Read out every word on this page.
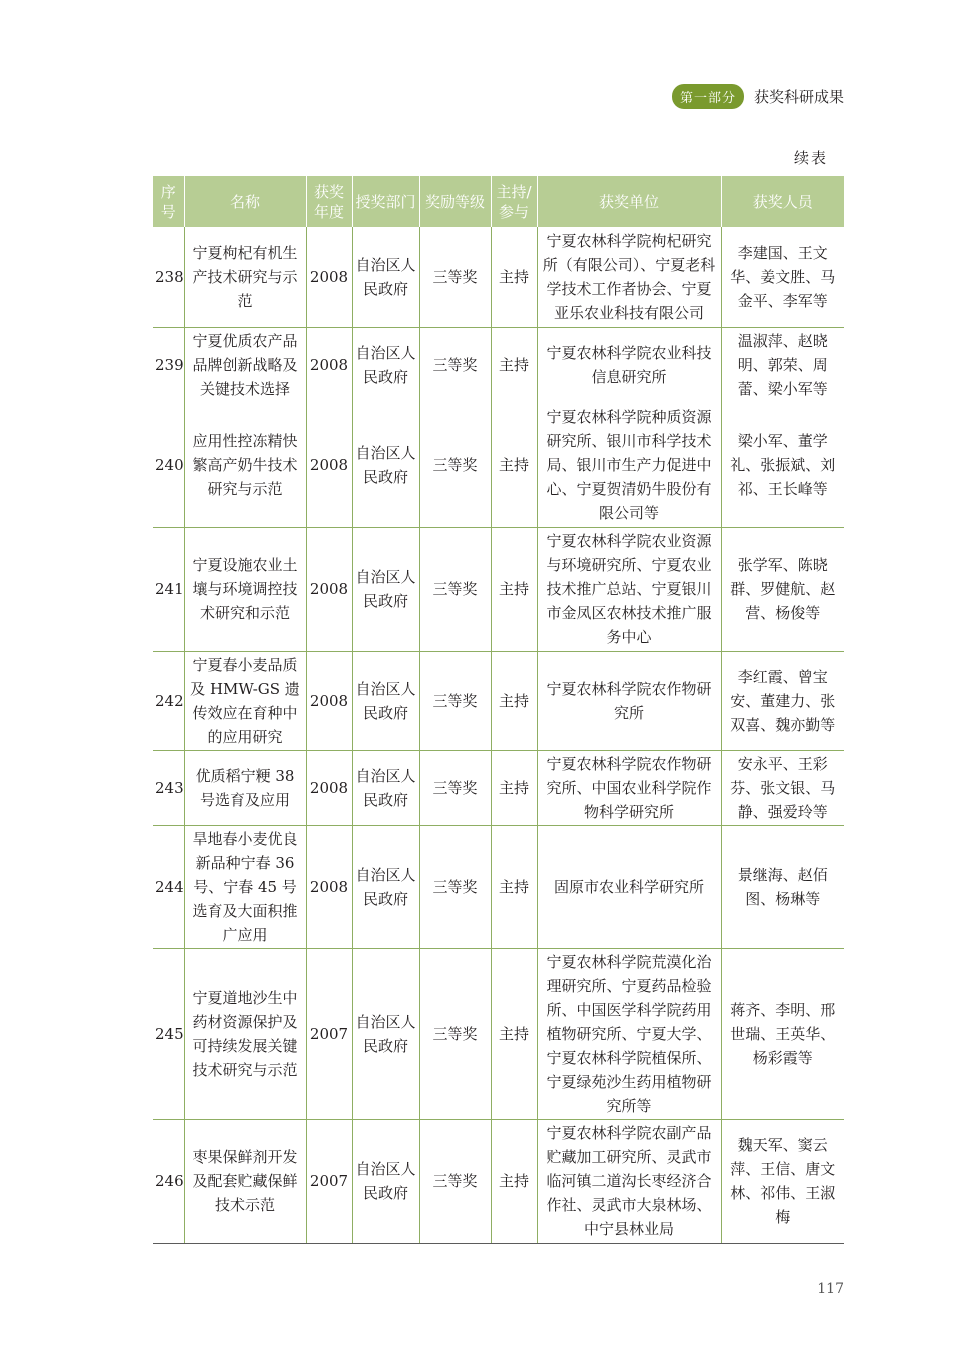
第一部分	获奖科研成果
续表
序号	名称	获奖年度	授奖部门	奖励等级	主持/参与	获奖单位	获奖人员
238	宁夏枸杞有机生产技术研究与示范	2008	自治区人民政府	三等奖	主持	宁夏农林科学院枸杞研究所（有限公司）、宁夏老科学技术工作者协会、宁夏亚乐农业科技有限公司	李建国、王文华、姜文胜、马金平、李军等
239	宁夏优质农产品品牌创新战略及关键技术选择	2008	自治区人民政府	三等奖	主持	宁夏农林科学院农业科技信息研究所	温淑萍、赵晓明、郭荣、周蕾、梁小军等
240	应用性控冻精快繁高产奶牛技术研究与示范	2008	自治区人民政府	三等奖	主持	宁夏农林科学院种质资源研究所、银川市科学技术局、银川市生产力促进中心、宁夏贺清奶牛股份有限公司等	梁小军、董学礼、张振斌、刘祁、王长峰等
241	宁夏设施农业土壤与环境调控技术研究和示范	2008	自治区人民政府	三等奖	主持	宁夏农林科学院农业资源与环境研究所、宁夏农业技术推广总站、宁夏银川市金凤区农林技术推广服务中心	张学军、陈晓群、罗健航、赵营、杨俊等
242	宁夏春小麦品质及 HMW-GS 遗传效应在育种中的应用研究	2008	自治区人民政府	三等奖	主持	宁夏农林科学院农作物研究所	李红霞、曾宝安、董建力、张双喜、魏亦勤等
243	优质稻宁粳 38 号选育及应用	2008	自治区人民政府	三等奖	主持	宁夏农林科学院农作物研究所、中国农业科学院作物科学研究所	安永平、王彩芬、张文银、马静、强爱玲等
244	旱地春小麦优良新品种宁春 36 号、宁春 45 号选育及大面积推广应用	2008	自治区人民政府	三等奖	主持	固原市农业科学研究所	景继海、赵佰图、杨琳等
245	宁夏道地沙生中药材资源保护及可持续发展关键技术研究与示范	2007	自治区人民政府	三等奖	主持	宁夏农林科学院荒漠化治理研究所、宁夏药品检验所、中国医学科学院药用植物研究所、宁夏大学、宁夏农林科学院植保所、宁夏绿苑沙生药用植物研究所等	蒋齐、李明、邢世瑞、王英华、杨彩霞等
246	枣果保鲜剂开发及配套贮藏保鲜技术示范	2007	自治区人民政府	三等奖	主持	宁夏农林科学院农副产品贮藏加工研究所、灵武市临河镇二道沟长枣经济合作社、灵武市大泉林场、中宁县林业局	魏天军、窦云萍、王信、唐文林、祁伟、王淑梅
117
